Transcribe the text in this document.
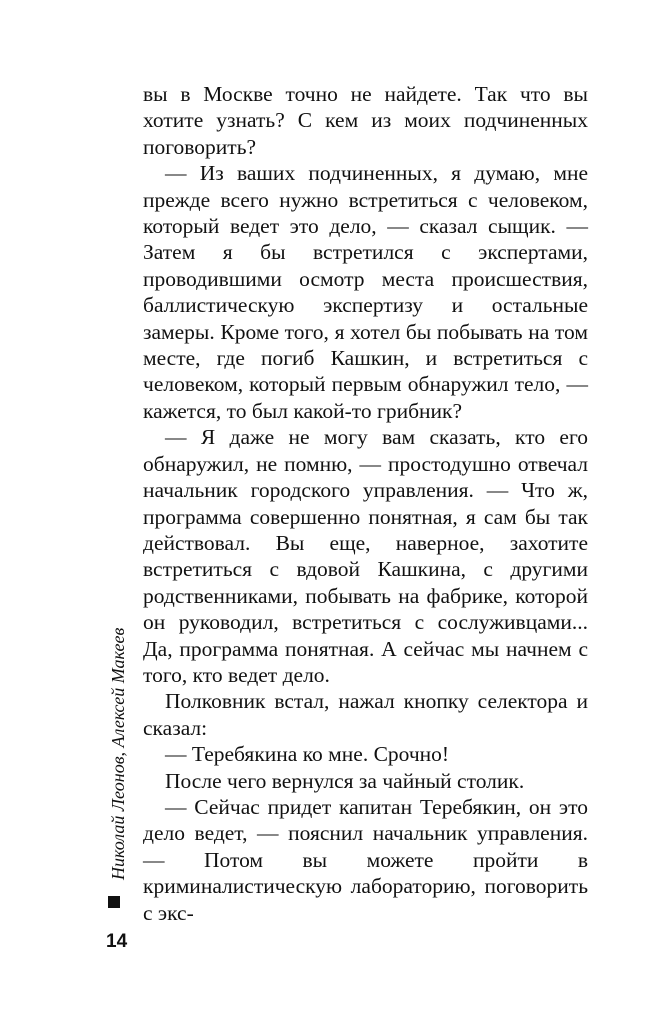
вы в Москве точно не найдете. Так что вы хотите узнать? С кем из моих подчиненных поговорить?

— Из ваших подчиненных, я думаю, мне прежде всего нужно встретиться с человеком, который ведет это дело, — сказал сыщик. — Затем я бы встретился с экспертами, проводившими осмотр места происшествия, баллистическую экспертизу и остальные замеры. Кроме того, я хотел бы побывать на том месте, где погиб Кашкин, и встретиться с человеком, который первым обнаружил тело, — кажется, то был какой-то грибник?

— Я даже не могу вам сказать, кто его обнаружил, не помню, — простодушно отвечал начальник городского управления. — Что ж, программа совершенно понятная, я сам бы так действовал. Вы еще, наверное, захотите встретиться с вдовой Кашкина, с другими родственниками, побывать на фабрике, которой он руководил, встретиться с сослуживцами... Да, программа понятная. А сейчас мы начнем с того, кто ведет дело.

Полковник встал, нажал кнопку селектора и сказал:

— Теребякина ко мне. Срочно!

После чего вернулся за чайный столик.

— Сейчас придет капитан Теребякин, он это дело ведет, — пояснил начальник управления. — Потом вы можете пройти в криминалистическую лабораторию, поговорить с экс-

Николай Леонов, Алексей Макеев
14
